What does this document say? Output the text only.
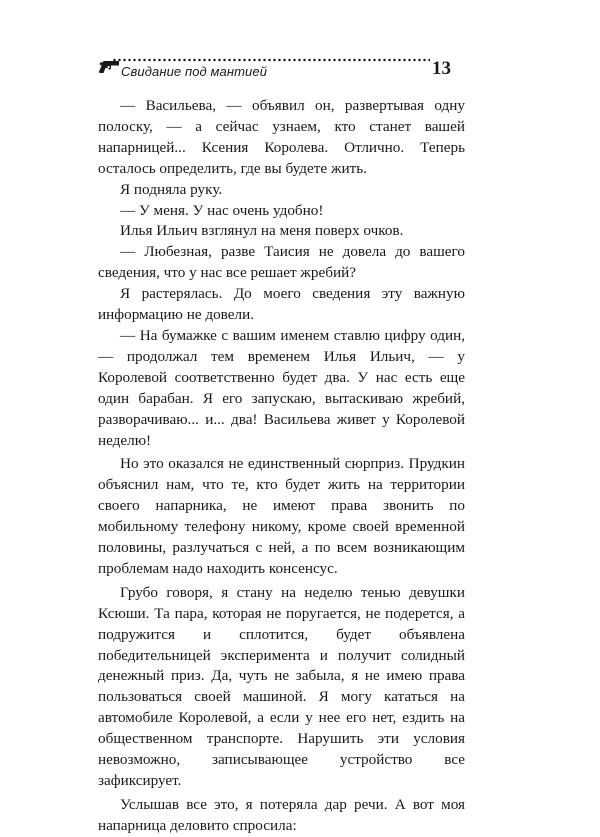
Свидание под мантией	13

— Васильева, — объявил он, развертывая одну полоску, — а сейчас узнаем, кто станет вашей напарницей... Ксения Королева. Отлично. Теперь осталось определить, где вы будете жить.

Я подняла руку.

— У меня. У нас очень удобно!

Илья Ильич взглянул на меня поверх очков.

— Любезная, разве Таисия не довела до вашего сведения, что у нас все решает жребий?

Я растерялась. До моего сведения эту важную информацию не довели.

— На бумажке с вашим именем ставлю цифру один, — продолжал тем временем Илья Ильич, — у Королевой соответственно будет два. У нас есть еще один барабан. Я его запускаю, вытаскиваю жребий, разворачиваю... и... два! Васильева живет у Королевой неделю!

Но это оказался не единственный сюрприз. Прудкин объяснил нам, что те, кто будет жить на территории своего напарника, не имеют права звонить по мобильному телефону никому, кроме своей временной половины, разлучаться с ней, а по всем возникающим проблемам надо находить консенсус.

Грубо говоря, я стану на неделю тенью девушки Ксюши. Та пара, которая не поругается, не подерется, а подружится и сплотится, будет объявлена победительницей эксперимента и получит солидный денежный приз. Да, чуть не забыла, я не имею права пользоваться своей машиной. Я могу кататься на автомобиле Королевой, а если у нее его нет, ездить на общественном транспорте. Нарушить эти условия невозможно, записывающее устройство все зафиксирует.

Услышав все это, я потеряла дар речи. А вот моя напарница деловито спросила:
